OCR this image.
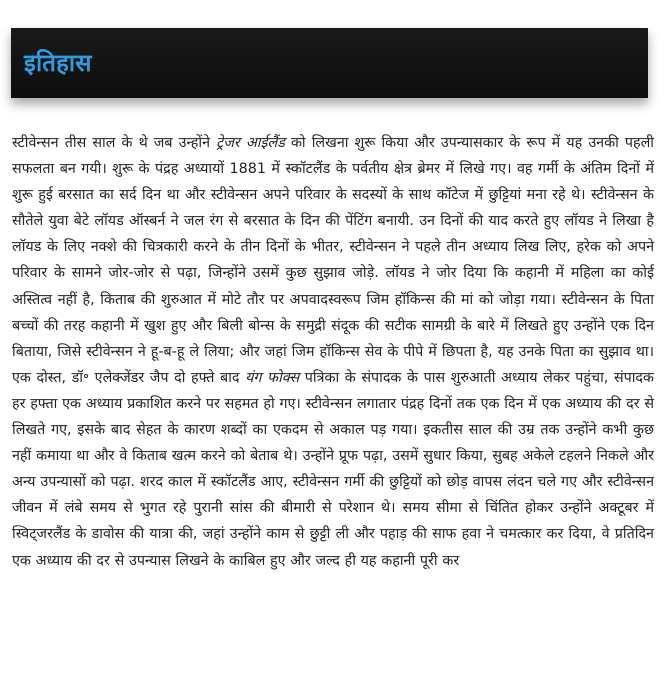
इतिहास

स्टीवेन्सन तीस साल के थे जब उन्होंने ट्रेजर आईलैंड को लिखना शुरू किया और उपन्यासकार के रूप में यह उनकी पहली सफलता बन गयी। शुरू के पंद्रह अध्यायों 1881 में स्कॉटलैंड के पर्वतीय क्षेत्र ब्रेमर में लिखे गए। वह गर्मी के अंतिम दिनों में शुरू हुई बरसात का सर्द दिन था और स्टीवेन्सन अपने परिवार के सदस्यों के साथ कॉटेज में छुट्टियां मना रहे थे। स्टीवेन्सन के सौतेले युवा बेटे लॉयड ऑस्बर्न ने जल रंग से बरसात के दिन की पेंटिंग बनायी. उन दिनों की याद करते हुए लॉयड ने लिखा है लॉयड के लिए नक्शे की चित्रकारी करने के तीन दिनों के भीतर, स्टीवेन्सन ने पहले तीन अध्याय लिख लिए, हरेक को अपने परिवार के सामने जोर-जोर से पढ़ा, जिन्होंने उसमें कुछ सुझाव जोड़े. लॉयड ने जोर दिया कि कहानी में महिला का कोई अस्तित्व नहीं है, किताब की शुरुआत में मोटे तौर पर अपवादस्वरूप जिम हॉकिन्स की मां को जोड़ा गया। स्टीवेन्सन के पिता बच्चों की तरह कहानी में खुश हुए और बिली बोन्स के समुद्री संदूक की सटीक सामग्री के बारे में लिखते हुए उन्होंने एक दिन बिताया, जिसे स्टीवेन्सन ने हू-ब-हू ले लिया; और जहां जिम हॉकिन्स सेव के पीपे में छिपता है, यह उनके पिता का सुझाव था। एक दोस्त, डॉ॰ एलेक्जेंडर जैप दो हफ्ते बाद यंग फोक्स पत्रिका के संपादक के पास शुरुआती अध्याय लेकर पहुंचा, संपादक हर हफ्ता एक अध्याय प्रकाशित करने पर सहमत हो गए। स्टीवेन्सन लगातार पंद्रह दिनों तक एक दिन में एक अध्याय की दर से लिखते गए, इसके बाद सेहत के कारण शब्दों का एकदम से अकाल पड़ गया। इकतीस साल की उम्र तक उन्होंने कभी कुछ नहीं कमाया था और वे किताब खत्म करने को बेताब थे। उन्होंने प्रूफ पढ़ा, उसमें सुधार किया, सुबह अकेले टहलने निकले और अन्य उपन्यासों को पढ़ा. शरद काल में स्कॉटलैंड आए, स्टीवेन्सन गर्मी की छुट्टियों को छोड़ वापस लंदन चले गए और स्टीवेन्सन जीवन में लंबे समय से भुगत रहे पुरानी सांस की बीमारी से परेशान थे। समय सीमा से चिंतित होकर उन्होंने अक्टूबर में स्विट्जरलैंड के डावोस की यात्रा की, जहां उन्होंने काम से छुट्टी ली और पहाड़ की साफ हवा ने चमत्कार कर दिया, वे प्रतिदिन एक अध्याय की दर से उपन्यास लिखने के काबिल हुए और जल्द ही यह कहानी पूरी कर
